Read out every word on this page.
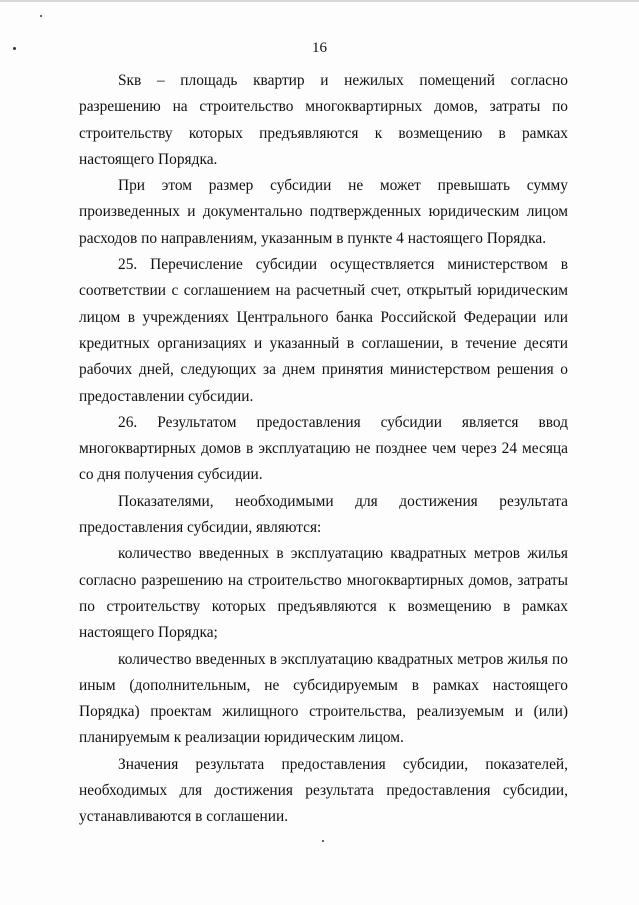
16

Sкв – площадь квартир и нежилых помещений согласно разрешению на строительство многоквартирных домов, затраты по строительству которых предъявляются к возмещению в рамках настоящего Порядка.

При этом размер субсидии не может превышать сумму произведенных и документально подтвержденных юридическим лицом расходов по направлениям, указанным в пункте 4 настоящего Порядка.

25. Перечисление субсидии осуществляется министерством в соответствии с соглашением на расчетный счет, открытый юридическим лицом в учреждениях Центрального банка Российской Федерации или кредитных организациях и указанный в соглашении, в течение десяти рабочих дней, следующих за днем принятия министерством решения о предоставлении субсидии.

26. Результатом предоставления субсидии является ввод многоквартирных домов в эксплуатацию не позднее чем через 24 месяца со дня получения субсидии.

Показателями, необходимыми для достижения результата предоставления субсидии, являются:

количество введенных в эксплуатацию квадратных метров жилья согласно разрешению на строительство многоквартирных домов, затраты по строительству которых предъявляются к возмещению в рамках настоящего Порядка;

количество введенных в эксплуатацию квадратных метров жилья по иным (дополнительным, не субсидируемым в рамках настоящего Порядка) проектам жилищного строительства, реализуемым и (или) планируемым к реализации юридическим лицом.

Значения результата предоставления субсидии, показателей, необходимых для достижения результата предоставления субсидии, устанавливаются в соглашении.
